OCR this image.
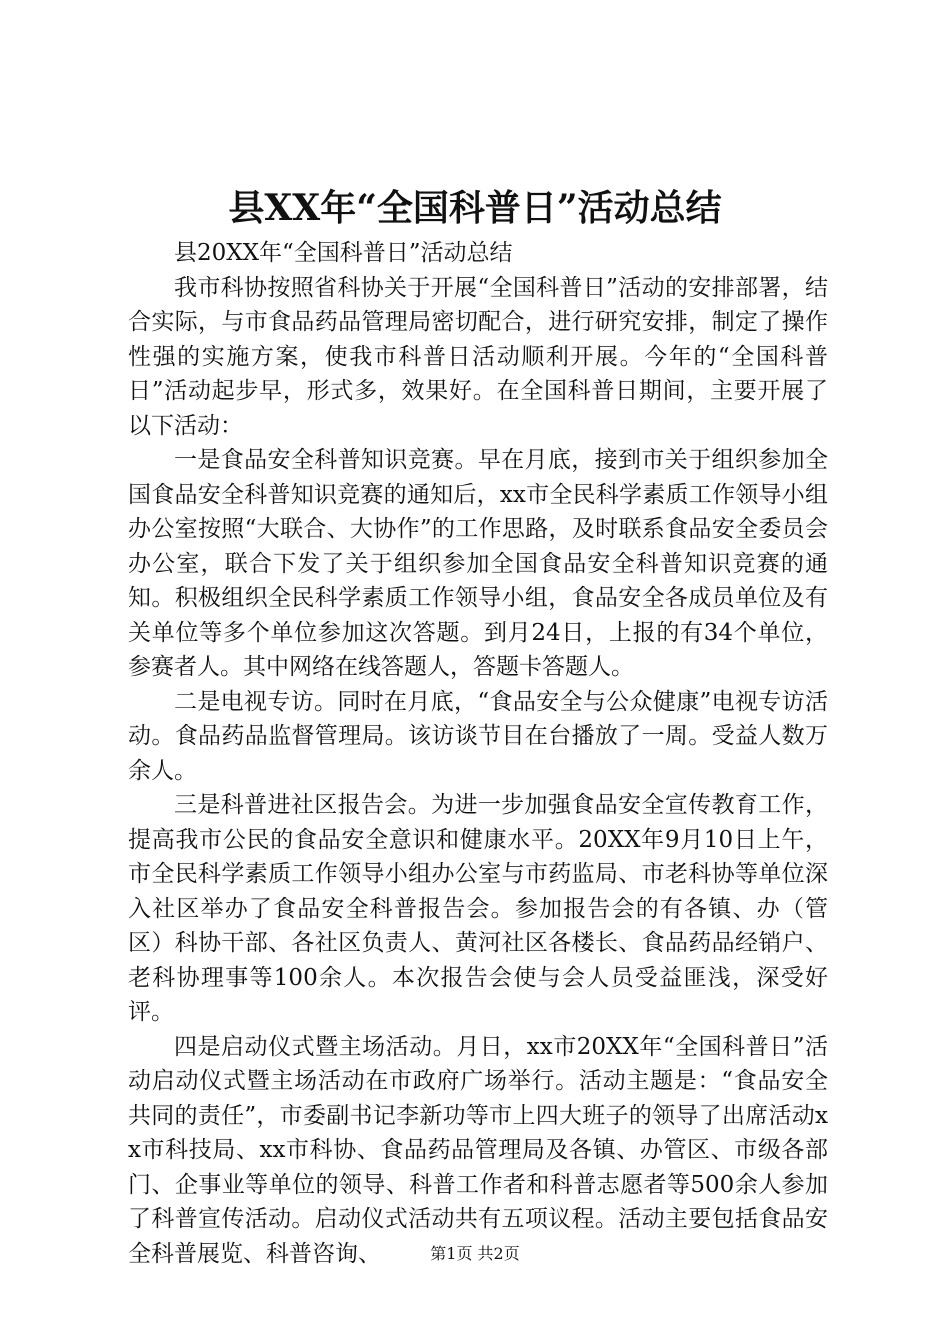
县XX年“全国科普日”活动总结

县20XX年“全国科普日”活动总结

我市科协按照省科协关于开展“全国科普日”活动的安排部署，结合实际，与市食品药品管理局密切配合，进行研究安排，制定了操作性强的实施方案，使我市科普日活动顺利开展。今年的“全国科普日”活动起步早，形式多，效果好。在全国科普日期间，主要开展了以下活动：

一是食品安全科普知识竞赛。早在月底，接到市关于组织参加全国食品安全科普知识竞赛的通知后，xx市全民科学素质工作领导小组办公室按照“大联合、大协作”的工作思路，及时联系食品安全委员会办公室，联合下发了关于组织参加全国食品安全科普知识竞赛的通知。积极组织全民科学素质工作领导小组，食品安全各成员单位及有关单位等多个单位参加这次答题。到月24日，上报的有34个单位，参赛者人。其中网络在线答题人，答题卡答题人。

二是电视专访。同时在月底，“食品安全与公众健康”电视专访活动。食品药品监督管理局。该访谈节目在台播放了一周。受益人数万余人。

三是科普进社区报告会。为进一步加强食品安全宣传教育工作，提高我市公民的食品安全意识和健康水平。20XX年9月10日上午，市全民科学素质工作领导小组办公室与市药监局、市老科协等单位深入社区举办了食品安全科普报告会。参加报告会的有各镇、办（管区）科协干部、各社区负责人、黄河社区各楼长、食品药品经销户、老科协理事等100余人。本次报告会使与会人员受益匪浅，深受好评。

四是启动仪式暨主场活动。月日，xx市20XX年“全国科普日”活动启动仪式暨主场活动在市政府广场举行。活动主题是：“食品安全共同的责任”，市委副书记李新功等市上四大班子的领导了出席活动xx市科技局、xx市科协、食品药品管理局及各镇、办管区、市级各部门、企事业等单位的领导、科普工作者和科普志愿者等500余人参加了科普宣传活动。启动仪式活动共有五项议程。活动主要包括食品安全科普展览、科普咨询、	第1页 共2页
